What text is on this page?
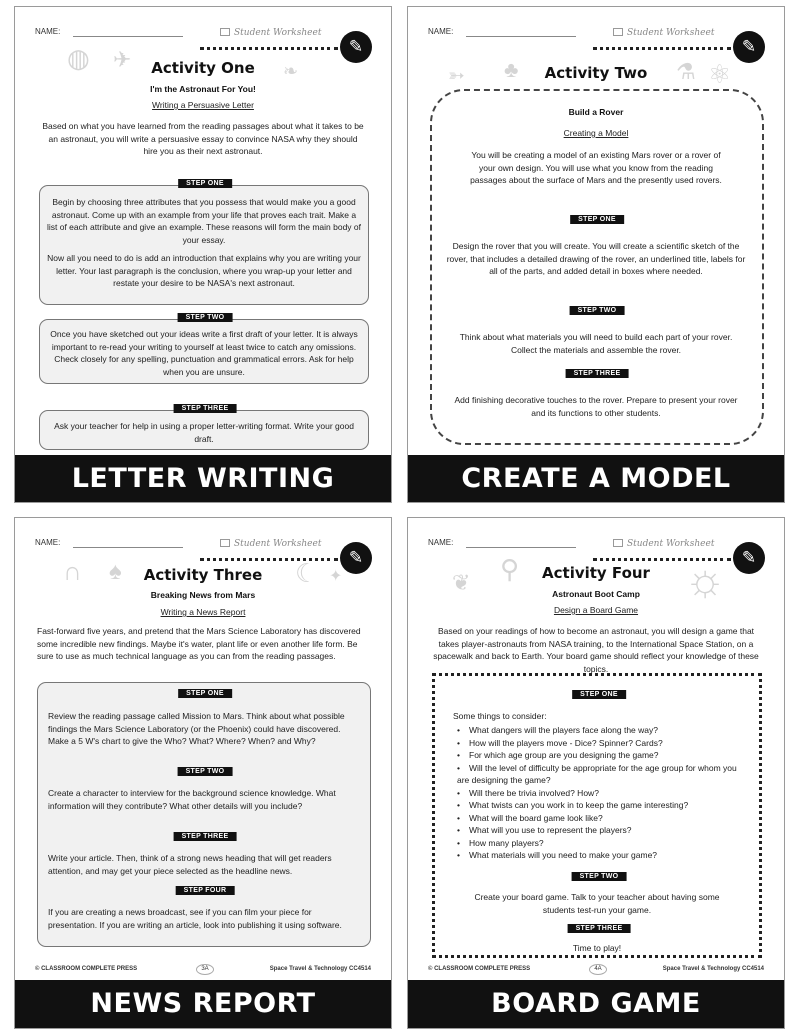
NAME:	Student Worksheet
✎
◍ ✈	❧
Activity One
I'm the Astronaut For You!
Writing a Persuasive Letter
Based on what you have learned from the reading passages about what it takes to be an astronaut, you will write a persuasive essay to convince NASA why they should hire you as their next astronaut.
STEP ONE
Begin by choosing three attributes that you possess that would make you a good astronaut. Come up with an example from your life that proves each trait. Make a list of each attribute and give an example. These reasons will form the main body of your essay.
Now all you need to do is add an introduction that explains why you are writing your letter. Your last paragraph is the conclusion, where you wrap-up your letter and restate your desire to be NASA's next astronaut.
STEP TWO
Once you have sketched out your ideas write a first draft of your letter. It is always important to re-read your writing to yourself at least twice to catch any omissions. Check closely for any spelling, punctuation and grammatical errors. Ask for help when you are unsure.
STEP THREE
Ask your teacher for help in using a proper letter-writing format. Write your good draft.
LETTER WRITING
NAME:	Student Worksheet
✎
➳ ♣	⚗ ⚛
Activity Two
Build a Rover
Creating a Model
You will be creating a model of an existing Mars rover or a rover of your own design. You will use what you know from the reading passages about the surface of Mars and the presently used rovers.
STEP ONE
Design the rover that you will create. You will create a scientific sketch of the rover, that includes a detailed drawing of the rover, an underlined title, labels for all of the parts, and added detail in boxes where needed.
STEP TWO
Think about what materials you will need to build each part of your rover. Collect the materials and assemble the rover.
STEP THREE
Add finishing decorative touches to the rover. Prepare to present your rover and its functions to other students.
CREATE A MODEL
NAME:	Student Worksheet
✎
∩ ♠	☾ ✦
Activity Three
Breaking News from Mars
Writing a News Report
Fast-forward five years, and pretend that the Mars Science Laboratory has discovered some incredible new findings. Maybe it's water, plant life or even another life form. Be sure to use as much technical language as you can from the reading passages.
STEP ONE
Review the reading passage called Mission to Mars. Think about what possible findings the Mars Science Laboratory (or the Phoenix) could have discovered. Make a 5 W's chart to give the Who? What? Where? When? and Why?
STEP TWO
Create a character to interview for the background science knowledge. What information will they contribute? What other details will you include?
STEP THREE
Write your article. Then, think of a strong news heading that will get readers attention, and may get your piece selected as the headline news.
STEP FOUR
If you are creating a news broadcast, see if you can film your piece for presentation. If you are writing an article, look into publishing it using software.
© CLASSROOM COMPLETE PRESS	3A	Space Travel & Technology CC4514
NEWS REPORT
NAME:	Student Worksheet
✎
❦ ⚲	☼
Activity Four
Astronaut Boot Camp
Design a Board Game
Based on your readings of how to become an astronaut, you will design a game that takes player-astronauts from NASA training, to the International Space Station, on a spacewalk and back to Earth. Your board game should reflect your knowledge of these topics.
STEP ONE
Some things to consider:
• What dangers will the players face along the way?
• How will the players move - Dice? Spinner? Cards?
• For which age group are you designing the game?
• Will the level of difficulty be appropriate for the age group for whom you are designing the game?
• Will there be trivia involved? How?
• What twists can you work in to keep the game interesting?
• What will the board game look like?
• What will you use to represent the players?
• How many players?
• What materials will you need to make your game?
STEP TWO
Create your board game. Talk to your teacher about having some students test-run your game.
STEP THREE
Time to play!
© CLASSROOM COMPLETE PRESS	4A	Space Travel & Technology CC4514
BOARD GAME
